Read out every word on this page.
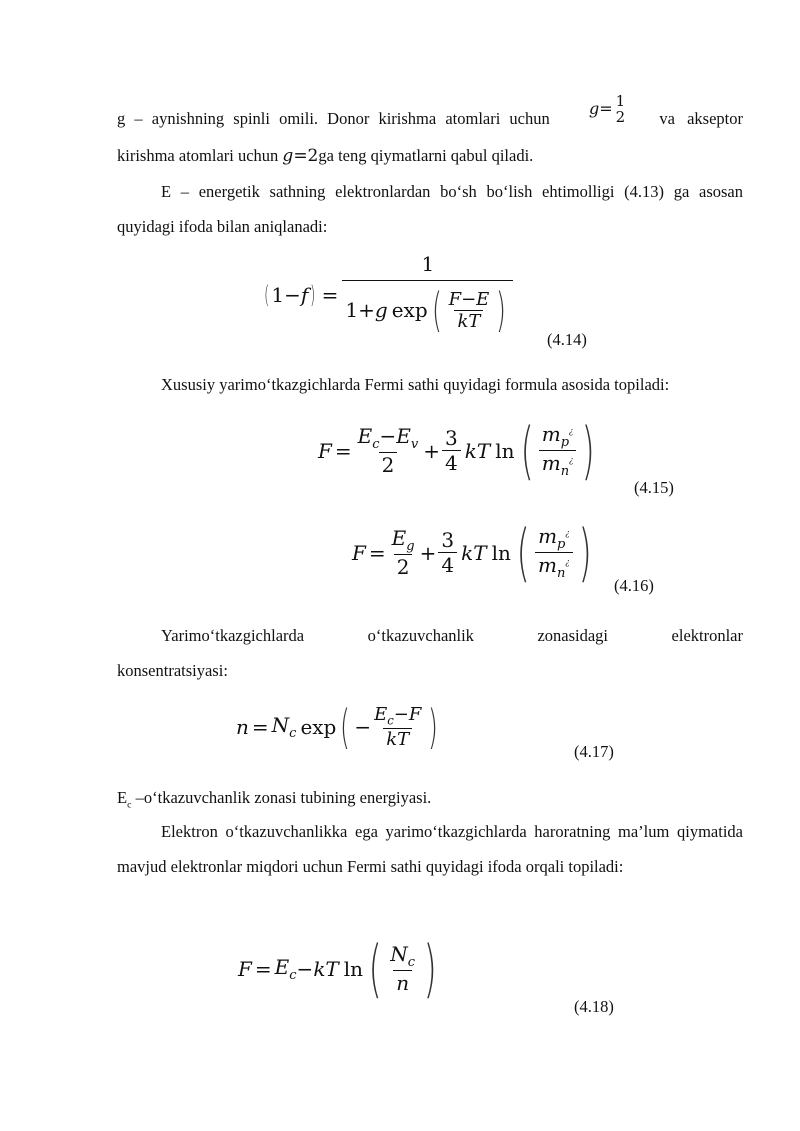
g – aynishning spinli omili. Donor kirishma atomlari uchun
g= 1
2 va akseptor
kirishma atomlari uchun g=2ga teng qiymatlarni qabul qiladi.
E – energetik sathning elektronlardan bo‘sh bo‘lish ehtimolligi (4.13) ga asosan quyidagi ifoda bilan aniqlanadi:
( 1 − f ) = $\frac{1}{1+ g \exp ( \frac{F-E}{kT} )}$
(4.14)
Xususiy yarimo‘tkazgichlarda Fermi sathi quyidagi formula asosida topiladi:
$F = \frac{E_c-E_v}{2} + \frac{3}{4}$ kT ln ( $\frac{m_p^¿}{m_n^¿}$ )
(4.15)
$F = \frac{E_g}{2} + \frac{3}{4}$ kT ln ( $\frac{m_p^¿}{m_n^¿}$ ) (4.16)
Yarimo‘tkazgichlarda	o‘tkazuvchanlik	zonasidagi	elektronlar
konsentratsiyasi:
$n = N_c$ exp ( − $\frac{E_c-F}{kT}$ )	(4.17)
$E_c$ –o‘tkazuvchanlik zonasi tubining energiyasi.
Elektron o‘tkazuvchanlikka ega yarimo‘tkazgichlarda haroratning ma’lum qiymatida mavjud elektronlar miqdori uchun Fermi sathi quyidagi ifoda orqali topiladi:
$F = E_c$ − kT ln ( $\frac{N_c}{n}$ )
(4.18)
